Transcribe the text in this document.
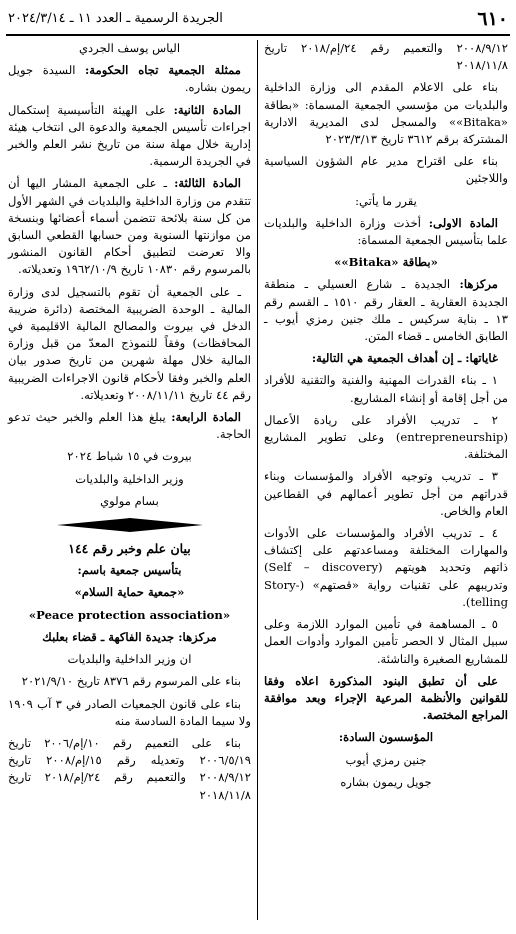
٦١٠
الجريدة الرسمية ـ العدد ١١ ـ ٢٠٢٤/٣/١٤

٢٠٠٨/٩/١٢ والتعميم رقم ٢٤/إم/٢٠١٨ تاريخ ٢٠١٨/١١/٨

بناء على الاعلام المقدم الى وزارة الداخلية والبلديات من مؤسسي الجمعية المسماة: «بطاقة «Bitaka»» والمسجل لدى المديرية الادارية المشتركة برقم ٣٦١٢ تاريخ ٢٠٢٣/٣/١٣

بناء على اقتراح مدير عام الشؤون السياسية واللاجئين

يقرر ما يأتي:

المادة الاولى: أخذت وزارة الداخلية والبلديات علما بتأسيس الجمعية المسماة:

«بطاقة «Bitaka»»

مركزها: الجديدة ـ شارع العسيلي ـ منطقة الجديدة العقارية ـ العقار رقم ١٥١٠ ـ القسم رقم ١٣ ـ بناية سركيس ـ ملك جنين رمزي أيوب ـ الطابق الخامس ـ قضاء المتن.

غاياتها: ـ إن أهداف الجمعية هي التالية:

١ ـ بناء القدرات المهنية والفنية والتقنية للأفراد من أجل إقامة أو إنشاء المشاريع.

٢ ـ تدريب الأفراد على ريادة الأعمال (entrepreneurship) وعلى تطوير المشاريع المختلفة.

٣ ـ تدريب وتوجيه الأفراد والمؤسسات وبناء قدراتهم من أجل تطوير أعمالهم في القطاعين العام والخاص.

٤ ـ تدريب الأفراد والمؤسسات على الأدوات والمهارات المختلفة ومساعدتهم على إكتشاف ذاتهم وتحديد هويتهم (Self – discovery) وتدريبهم على تقنيات رواية «قصتهم» (Story-telling).

٥ ـ المساهمة في تأمين الموارد اللازمة وعلى سبيل المثال لا الحصر تأمين الموارد وأدوات العمل للمشاريع الصغيرة والناشئة.

على أن تطبق البنود المذكورة اعلاه وفقا للقوانين والأنظمة المرعية الإجراء وبعد موافقة المراجع المختصة.

المؤسسون السادة:

جنين رمزي أيوب

جويل ريمون بشاره

الياس يوسف الجردي

ممثلة الجمعية تجاه الحكومة: السيدة جويل ريمون بشاره.

المادة الثانية: على الهيئة التأسيسية إستكمال اجراءات تأسيس الجمعية والدعوة الى انتخاب هيئة إدارية خلال مهلة سنة من تاريخ نشر العلم والخبر في الجريدة الرسمية.

المادة الثالثة: ـ على الجمعية المشار اليها أن تتقدم من وزارة الداخلية والبلديات في الشهر الأول من كل سنة بلائحة تتضمن أسماء أعضائها وبنسخة من موازنتها السنوية ومن حسابها القطعي السابق والا تعرضت لتطبيق أحكام القانون المنشور بالمرسوم رقم ١٠٨٣٠ تاريخ ١٩٦٢/١٠/٩ وتعديلاته.

ـ على الجمعية أن تقوم بالتسجيل لدى وزارة المالية ـ الوحدة الضريبية المختصة (دائرة ضريبة الدخل في بيروت والمصالح المالية الاقليمية في المحافظات) وفقاً للنموذج المعدّ من قبل وزارة المالية خلال مهلة شهرين من تاريخ صدور بيان العلم والخبر وفقا لأحكام قانون الاجراءات الضريبية رقم ٤٤ تاريخ ٢٠٠٨/١١/١١ وتعديلاته.

المادة الرابعة: يبلغ هذا العلم والخبر حيث تدعو الحاجة.

بيروت في ١٥ شباط ٢٠٢٤

وزير الداخلية والبلديات

بسام مولوي

بيان علم وخبر رقم ١٤٤

بتأسيس جمعية باسم:

«جمعية حماية السلام»

«Peace protection association»

مركزها: جديدة الفاكهة ـ قضاء بعلبك

ان وزير الداخلية والبلديات

بناء على المرسوم رقم ٨٣٧٦ تاريخ ٢٠٢١/٩/١٠

بناء على قانون الجمعيات الصادر في ٣ آب ١٩٠٩ ولا سيما المادة السادسة منه

بناء على التعميم رقم ١٠/إم/٢٠٠٦ تاريخ ٢٠٠٦/٥/١٩ وتعديله رقم ١٥/إم/٢٠٠٨ تاريخ ٢٠٠٨/٩/١٢ والتعميم رقم ٢٤/إم/٢٠١٨ تاريخ ٢٠١٨/١١/٨
